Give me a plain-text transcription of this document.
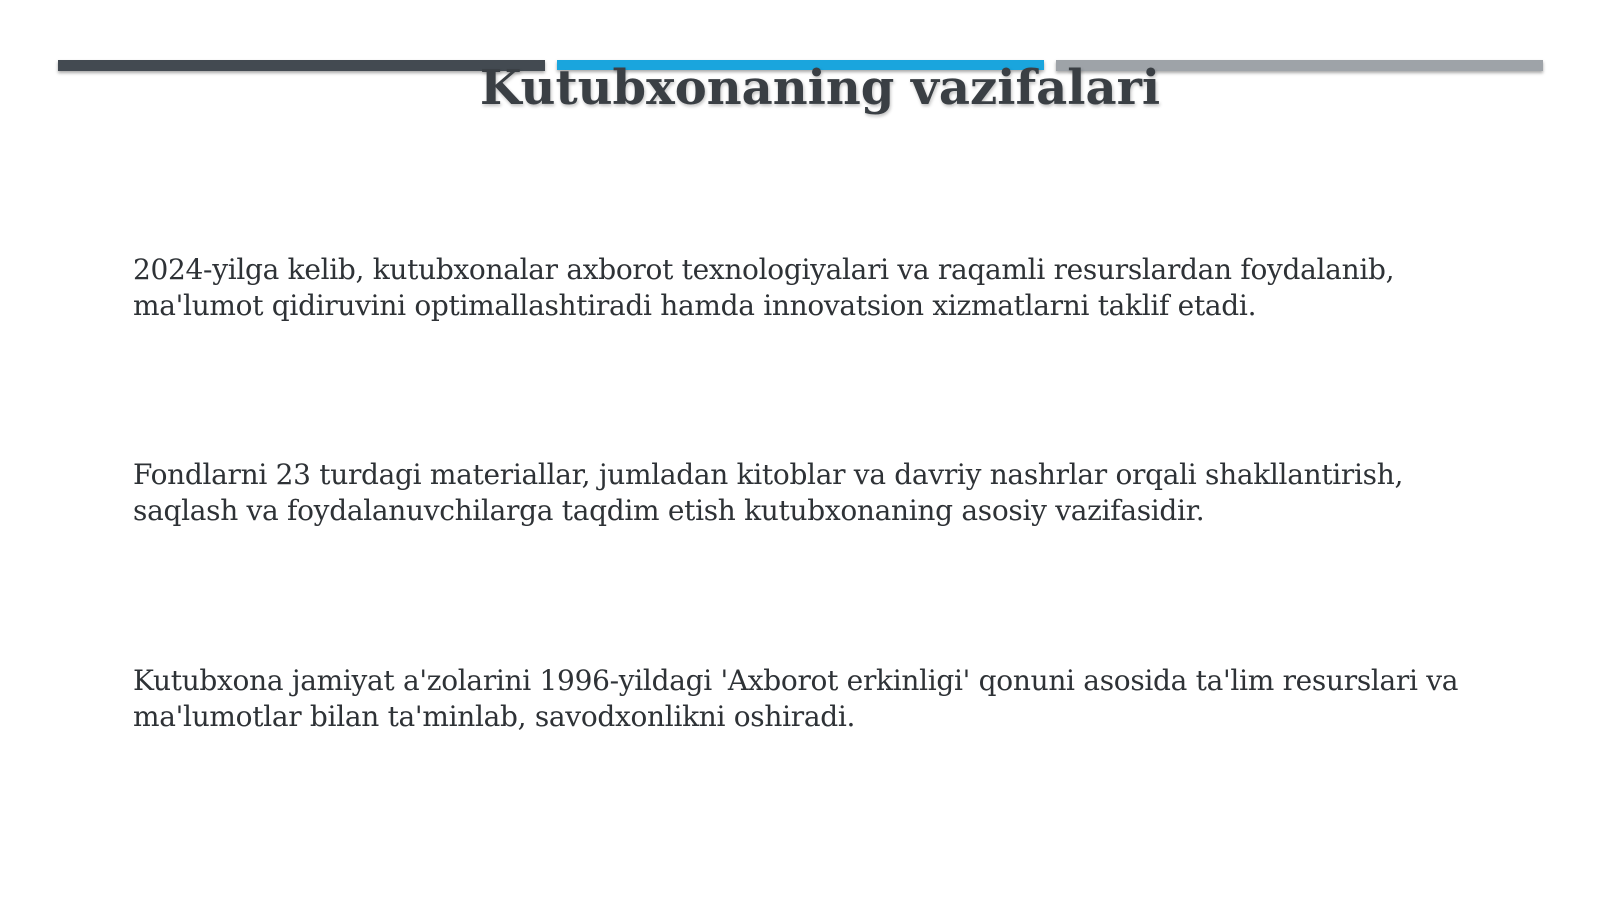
Kutubxonaning vazifalari

2024-yilga kelib, kutubxonalar axborot texnologiyalari va raqamli resurslardan foydalanib, ma'lumot qidiruvini optimallashtiradi hamda innovatsion xizmatlarni taklif etadi.

Fondlarni 23 turdagi materiallar, jumladan kitoblar va davriy nashrlar orqali shakllantirish, saqlash va foydalanuvchilarga taqdim etish kutubxonaning asosiy vazifasidir.

Kutubxona jamiyat a'zolarini 1996-yildagi 'Axborot erkinligi' qonuni asosida ta'lim resurslari va ma'lumotlar bilan ta'minlab, savodxonlikni oshiradi.
